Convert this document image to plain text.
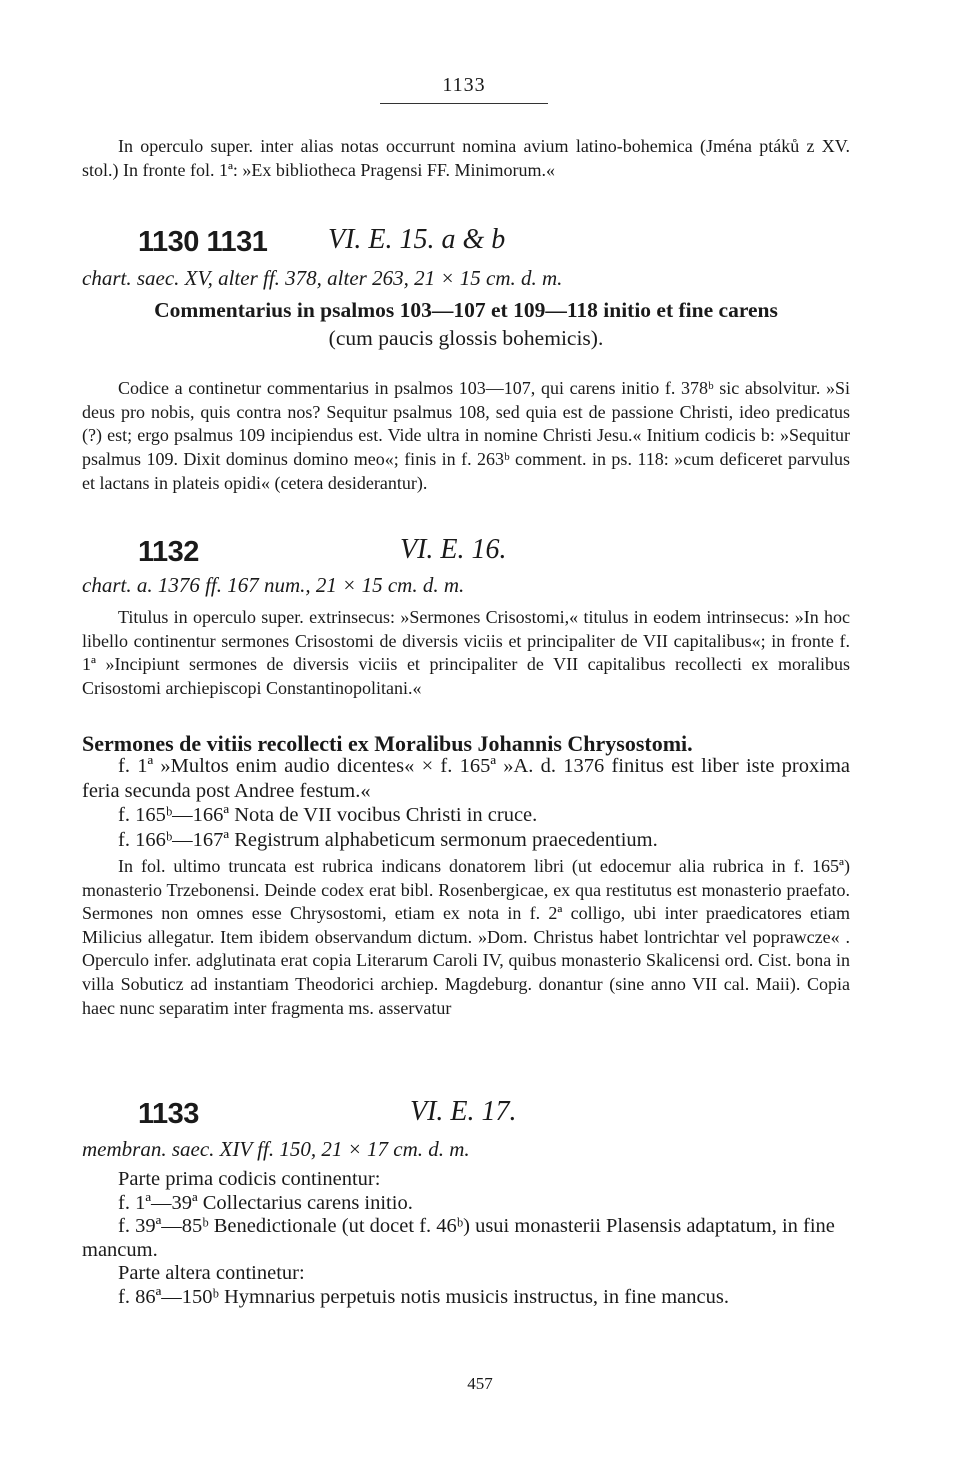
1133

In operculo super. inter alias notas occurrunt nomina avium latino-bohemica (Jména ptáků z XV. stol.) In fronte fol. 1ª: »Ex bibliotheca Pragensi FF. Minimorum.«

1130 1131 VI. E. 15. a & b
chart. saec. XV, alter ff. 378, alter 263, 21 × 15 cm. d. m.
Commentarius in psalmos 103—107 et 109—118 initio et fine carens
(cum paucis glossis bohemicis).

Codice a continetur commentarius in psalmos 103—107, qui carens initio f. 378ᵇ sic absolvitur. »Si deus pro nobis, quis contra nos? Sequitur psalmus 108, sed quia est de passione Christi, ideo predicatus (?) est; ergo psalmus 109 incipiendus est. Vide ultra in nomine Christi Jesu.« Initium codicis b: »Sequitur psalmus 109. Dixit dominus domino meo«; finis in f. 263ᵇ comment. in ps. 118: »cum deficeret parvulus et lactans in plateis opidi« (cetera desiderantur).

1132	VI. E. 16.
chart. a. 1376 ff. 167 num., 21 × 15 cm. d. m.

Titulus in operculo super. extrinsecus: »Sermones Crisostomi,« titulus in eodem intrinsecus: »In hoc libello continentur sermones Crisostomi de diversis viciis et principaliter de VII capitalibus«; in fronte f. 1ª »Incipiunt sermones de diversis viciis et principaliter de VII capitalibus recollecti ex moralibus Crisostomi archiepiscopi Constantinopolitani.«

Sermones de vitiis recollecti ex Moralibus Johannis Chrysostomi.

f. 1ª »Multos enim audio dicentes« × f. 165ª »A. d. 1376 finitus est liber iste proxima feria secunda post Andree festum.«

f. 165ᵇ—166ª Nota de VII vocibus Christi in cruce.

f. 166ᵇ—167ª Registrum alphabeticum sermonum praecedentium.

In fol. ultimo truncata est rubrica indicans donatorem libri (ut edocemur alia rubrica in f. 165ª) monasterio Trzebonensi. Deinde codex erat bibl. Rosenbergicae, ex qua restitutus est monasterio praefato. Sermones non omnes esse Chrysostomi, etiam ex nota in f. 2ª colligo, ubi inter praedicatores etiam Milicius allegatur. Item ibidem observandum dictum. »Dom. Christus habet lontrichtar vel poprawcze« . Operculo infer. adglutinata erat copia Literarum Caroli IV, quibus monasterio Skalicensi ord. Cist. bona in villa Sobuticz ad instantiam Theodorici archiep. Magdeburg. donantur (sine anno VII cal. Maii). Copia haec nunc separatim inter fragmenta ms. asservatur

1133	VI. E. 17.
membran. saec. XIV ff. 150, 21 × 17 cm. d. m.

Parte prima codicis continentur:

f. 1ª—39ª Collectarius carens initio.

f. 39ª—85ᵇ Benedictionale (ut docet f. 46ᵇ) usui monasterii Plasensis adaptatum, in fine mancum.

Parte altera continetur:

f. 86ª—150ᵇ Hymnarius perpetuis notis musicis instructus, in fine mancus.

457
